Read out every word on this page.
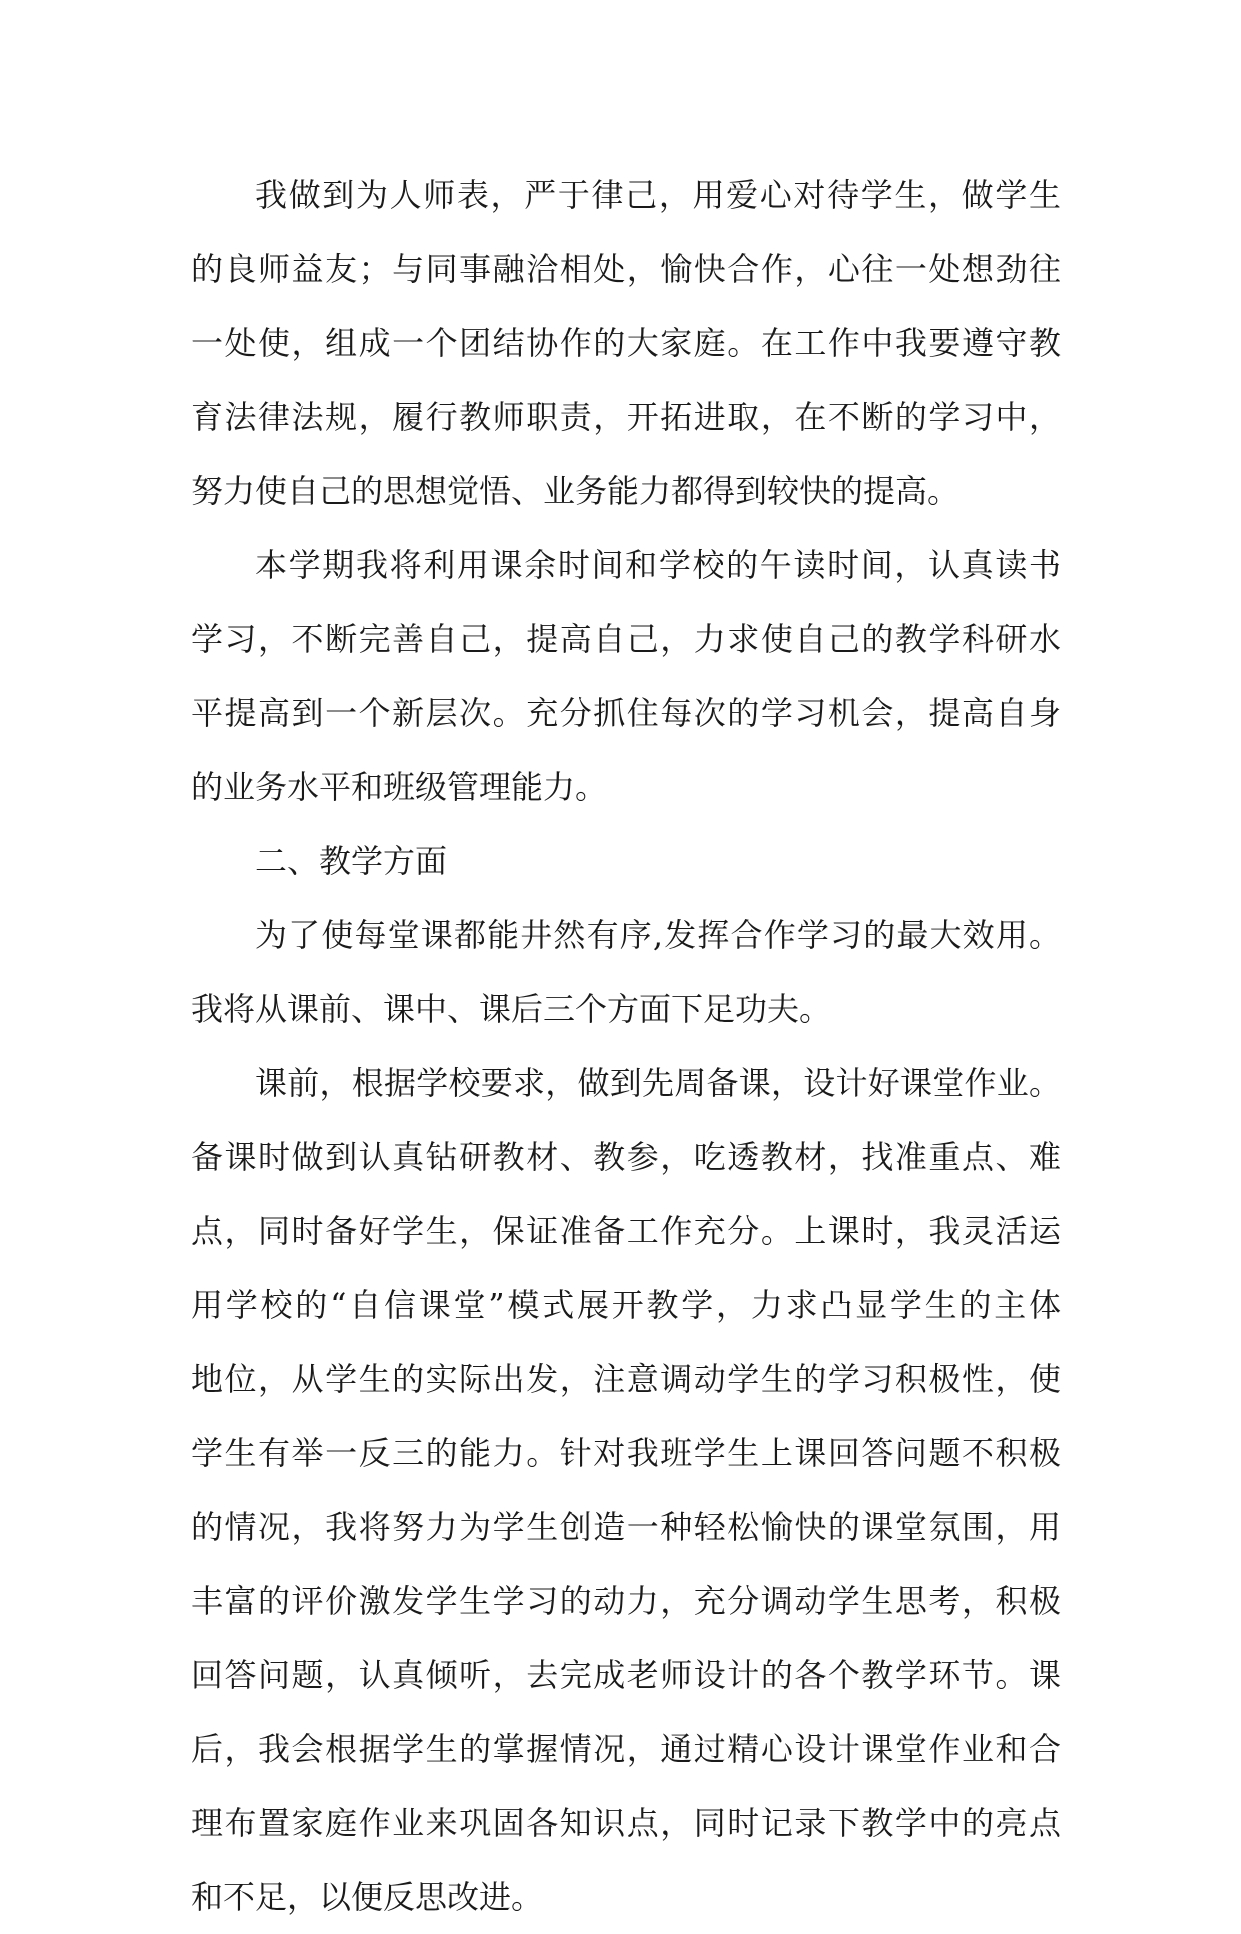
我做到为人师表，严于律己，用爱心对待学生，做学生
的良师益友；与同事融洽相处，愉快合作，心往一处想劲往
一处使，组成一个团结协作的大家庭。在工作中我要遵守教
育法律法规，履行教师职责，开拓进取，在不断的学习中，
努力使自己的思想觉悟、业务能力都得到较快的提高。
本学期我将利用课余时间和学校的午读时间，认真读书
学习，不断完善自己，提高自己，力求使自己的教学科研水
平提高到一个新层次。充分抓住每次的学习机会，提高自身
的业务水平和班级管理能力。
二、教学方面
为了使每堂课都能井然有序,发挥合作学习的最大效用。
我将从课前、课中、课后三个方面下足功夫。
课前，根据学校要求，做到先周备课，设计好课堂作业。
备课时做到认真钻研教材、教参，吃透教材，找准重点、难
点，同时备好学生，保证准备工作充分。上课时，我灵活运
用学校的“自信课堂”模式展开教学，力求凸显学生的主体
地位，从学生的实际出发，注意调动学生的学习积极性，使
学生有举一反三的能力。针对我班学生上课回答问题不积极
的情况，我将努力为学生创造一种轻松愉快的课堂氛围，用
丰富的评价激发学生学习的动力，充分调动学生思考，积极
回答问题，认真倾听，去完成老师设计的各个教学环节。课
后，我会根据学生的掌握情况，通过精心设计课堂作业和合
理布置家庭作业来巩固各知识点，同时记录下教学中的亮点
和不足，以便反思改进。
